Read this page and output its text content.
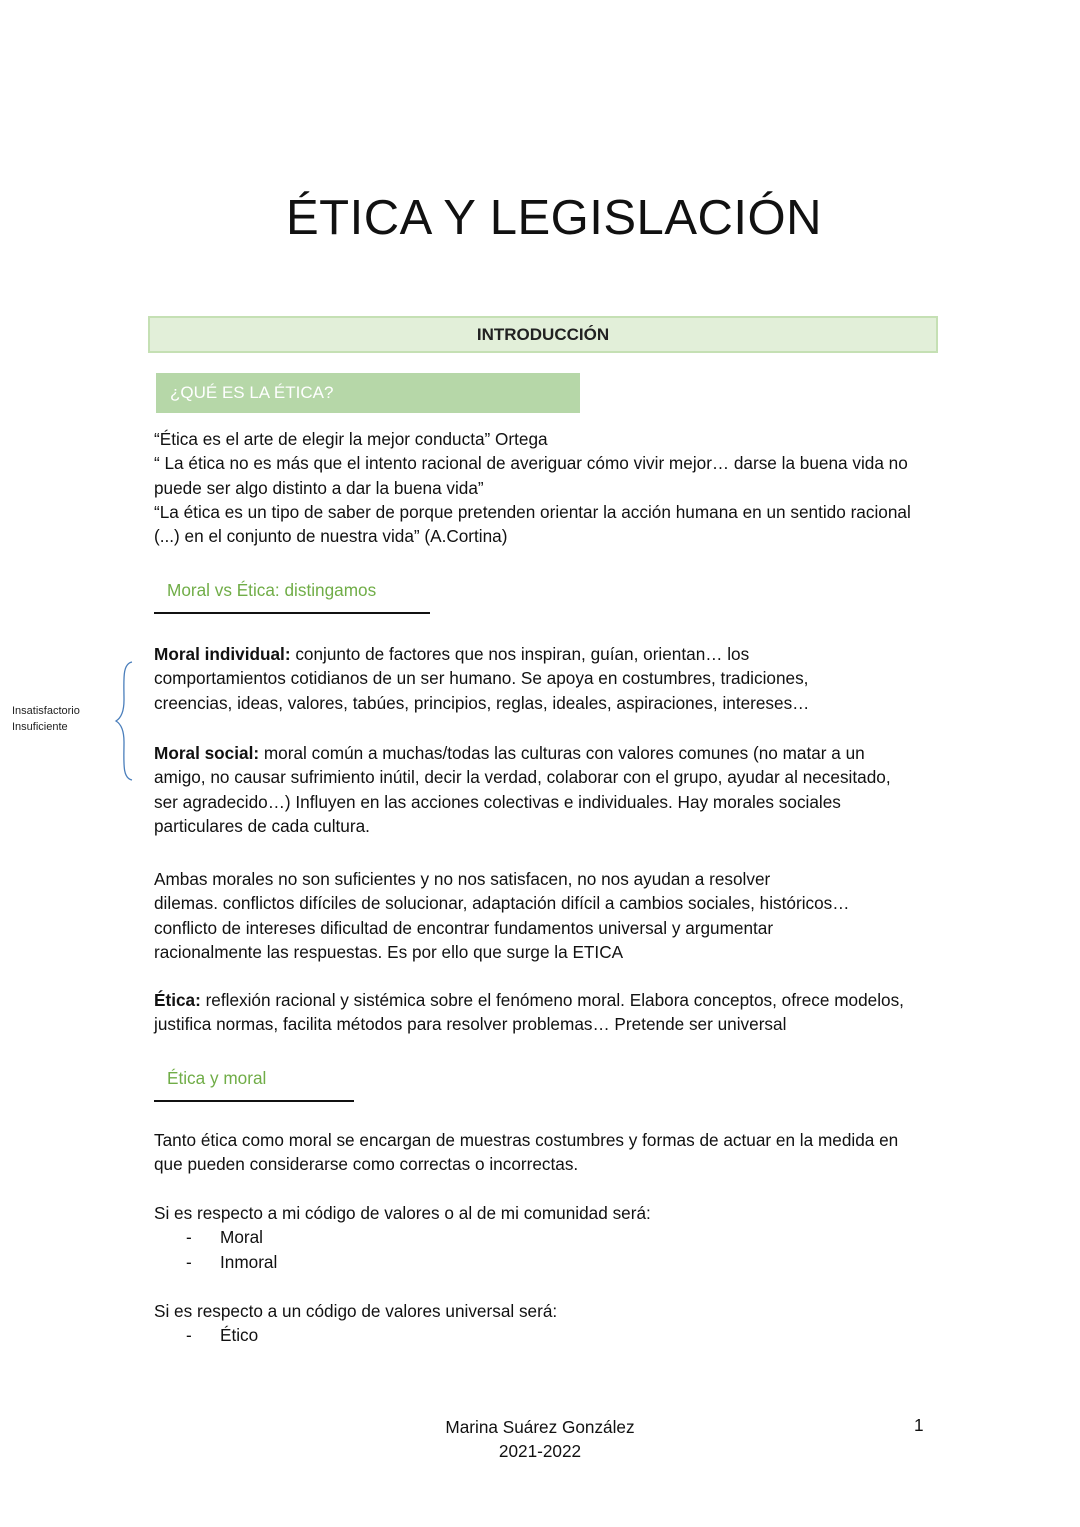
ÉTICA Y LEGISLACIÓN
INTRODUCCIÓN
¿QUÉ ES LA ÉTICA?

“Ética es el arte de elegir la mejor conducta” Ortega

“ La ética no es más que el intento racional de averiguar cómo vivir mejor… darse la buena vida no puede ser algo distinto a dar la buena vida”

“La ética es un tipo de saber de porque pretenden orientar la acción humana en un sentido racional (...) en el conjunto de nuestra vida” (A.Cortina)

Moral vs Ética: distingamos
Insatisfactorio
Insuficiente

Moral individual: conjunto de factores que nos inspiran, guían, orientan… los comportamientos cotidianos de un ser humano. Se apoya en costumbres, tradiciones, creencias, ideas, valores, tabúes, principios, reglas, ideales, aspiraciones, intereses…

Moral social: moral común a muchas/todas las culturas con valores comunes (no matar a un amigo, no causar sufrimiento inútil, decir la verdad, colaborar con el grupo, ayudar al necesitado, ser agradecido…) Influyen en las acciones colectivas e individuales. Hay morales sociales particulares de cada cultura.

Ambas morales no son suficientes y no nos satisfacen, no nos ayudan a resolver

dilemas. conflictos difíciles de solucionar, adaptación difícil a cambios sociales, históricos…

conflicto de intereses dificultad de encontrar fundamentos universal y argumentar

racionalmente las respuestas. Es por ello que surge la ETICA

Ética: reflexión racional y sistémica sobre el fenómeno moral. Elabora conceptos, ofrece modelos, justifica normas, facilita métodos para resolver problemas… Pretende ser universal

Ética y moral

Tanto ética como moral se encargan de muestras costumbres y formas de actuar en la medida en que pueden considerarse como correctas o incorrectas.

Si es respecto a mi código de valores o al de mi comunidad será:

- Moral
- Inmoral

Si es respecto a un código de valores universal será:

- Ético
Marina Suárez González
2021-2022
1
